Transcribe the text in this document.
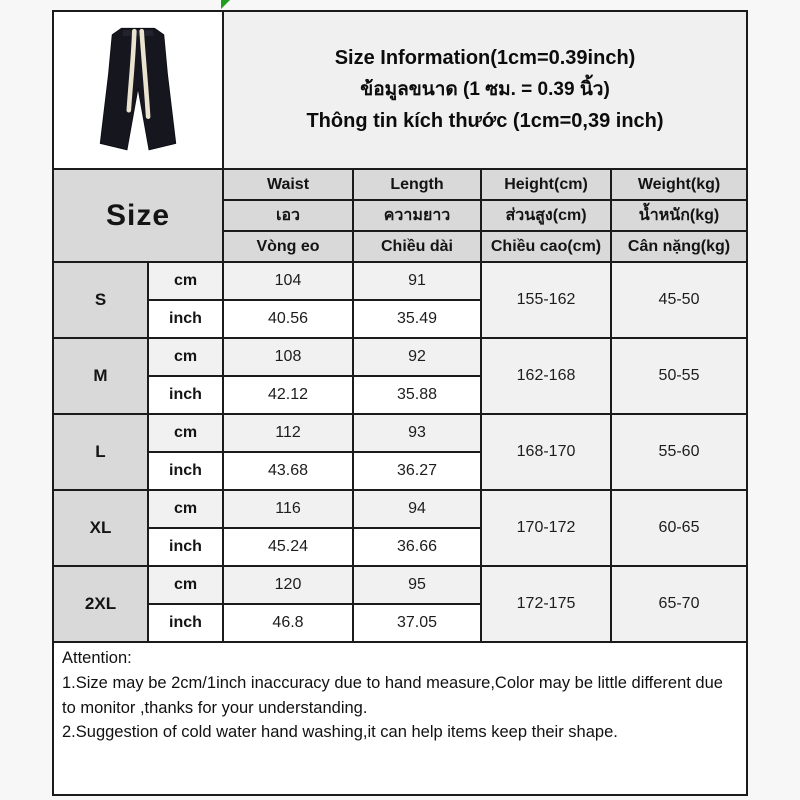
Size Information(1cm=0.39inch)
ข้อมูลขนาด (1 ซม. = 0.39 นิ้ว)
Thông tin kích thước (1cm=0,39 inch)			

Size		Waist	Length	Height(cm)	Weight(kg)
		เอว	ความยาว	ส่วนสูง(cm)	น้ำหนัก(kg)
		Vòng eo	Chiều dài	Chiều cao(cm)	Cân nặng(kg)
S	cm	104	91	155-162	45-50
	inch	40.56	35.49		
M	cm	108	92	162-168	50-55
	inch	42.12	35.88		
L	cm	112	93	168-170	55-60
	inch	43.68	36.27		
XL	cm	116	94	170-172	60-65
	inch	45.24	36.66		
2XL	cm	120	95	172-175	65-70
	inch	46.8	37.05		

Attention:

1.Size may be 2cm/1inch inaccuracy due to hand measure,Color may be little different due to monitor ,thanks for your understanding.

2.Suggestion of cold water hand washing,it can help items keep their shape.					
